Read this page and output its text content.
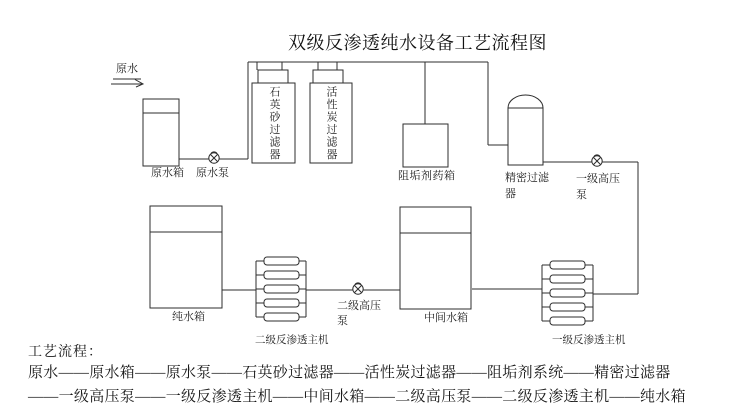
双级反渗透纯水设备工艺流程图
原水
原水箱 原水泵
石英砂过滤器	活性炭过滤器
阻垢剂药箱	精密过滤器
一级高压泵
纯水箱
二级反渗透主机
二级高压泵	中间水箱
一级反渗透主机
工艺流程：
原水——原水箱——原水泵——石英砂过滤器——活性炭过滤器——阻垢剂系统——精密过滤器
——一级高压泵——一级反渗透主机——中间水箱——二级高压泵——二级反渗透主机——纯水箱
